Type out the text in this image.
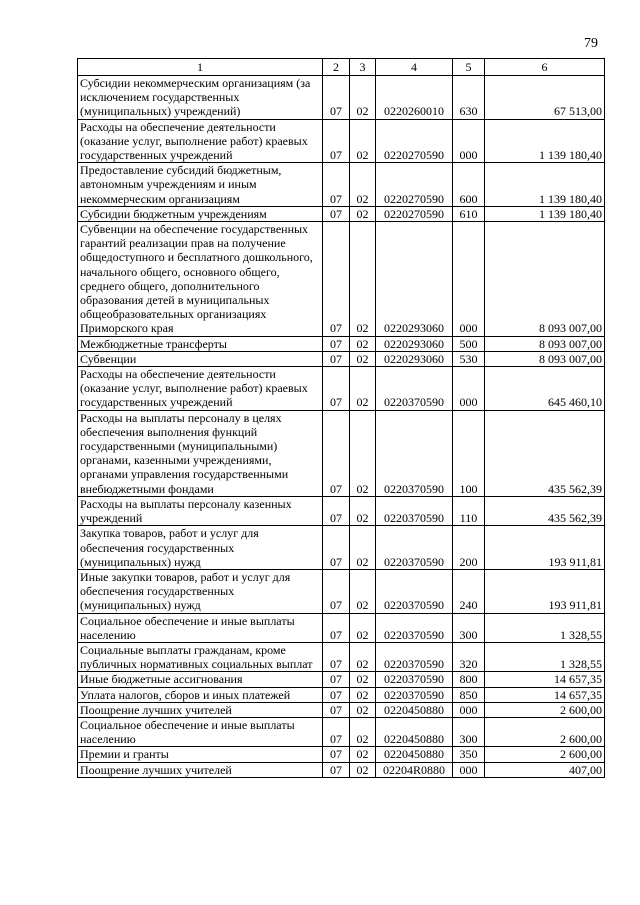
79
1	2	3	4	5	6
Субсидии некоммерческим организациям (за исключением государственных (муниципальных) учреждений)	07	02	0220260010	630	67 513,00
Расходы на обеспечение деятельности (оказание услуг, выполнение работ) краевых государственных учреждений	07	02	0220270590	000	1 139 180,40
Предоставление субсидий бюджетным, автономным учреждениям и иным некоммерческим организациям	07	02	0220270590	600	1 139 180,40
Субсидии бюджетным учреждениям	07	02	0220270590	610	1 139 180,40
Субвенции на обеспечение государственных гарантий реализации прав на получение общедоступного и бесплатного дошкольного, начального общего, основного общего, среднего общего, дополнительного образования детей в муниципальных общеобразовательных организациях Приморского края	07	02	0220293060	000	8 093 007,00
Межбюджетные трансферты	07	02	0220293060	500	8 093 007,00
Субвенции	07	02	0220293060	530	8 093 007,00
Расходы на обеспечение деятельности (оказание услуг, выполнение работ) краевых государственных учреждений	07	02	0220370590	000	645 460,10
Расходы на выплаты персоналу в целях обеспечения выполнения функций государственными (муниципальными) органами, казенными учреждениями, органами управления государственными внебюджетными фондами	07	02	0220370590	100	435 562,39
Расходы на выплаты персоналу казенных учреждений	07	02	0220370590	110	435 562,39
Закупка товаров, работ и услуг для обеспечения государственных (муниципальных) нужд	07	02	0220370590	200	193 911,81
Иные закупки товаров, работ и услуг для обеспечения государственных (муниципальных) нужд	07	02	0220370590	240	193 911,81
Социальное обеспечение и иные выплаты населению	07	02	0220370590	300	1 328,55
Социальные выплаты гражданам, кроме публичных нормативных социальных выплат	07	02	0220370590	320	1 328,55
Иные бюджетные ассигнования	07	02	0220370590	800	14 657,35
Уплата налогов, сборов и иных платежей	07	02	0220370590	850	14 657,35
Поощрение лучших учителей	07	02	0220450880	000	2 600,00
Социальное обеспечение и иные выплаты населению	07	02	0220450880	300	2 600,00
Премии и гранты	07	02	0220450880	350	2 600,00
Поощрение лучших учителей	07	02	02204R0880	000	407,00
